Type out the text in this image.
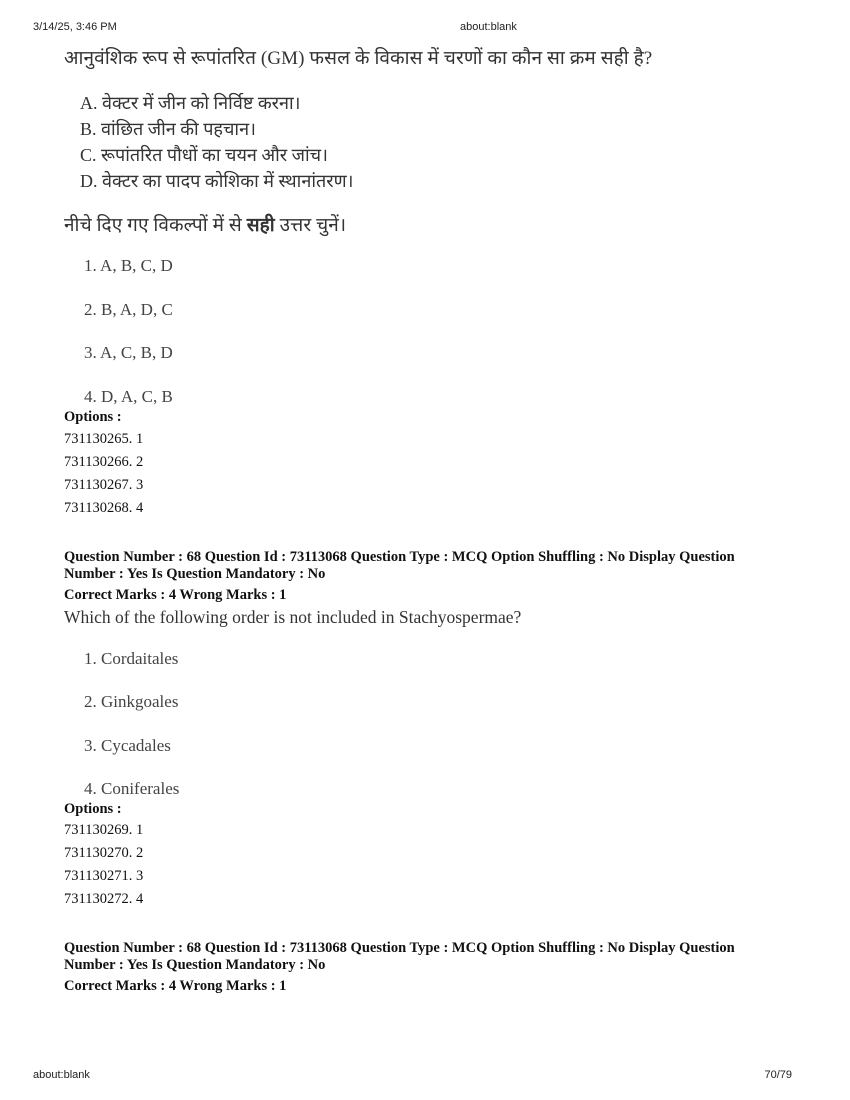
3/14/25, 3:46 PM	about:blank
about:blank	70/79
आनुवंशिक रूप से रूपांतरित (GM) फसल के विकास में चरणों का कौन सा क्रम सही है?
A. वेक्टर में जीन को निर्विष्ट करना।
B. वांछित जीन की पहचान।
C. रूपांतरित पौधों का चयन और जांच।
D. वेक्टर का पादप कोशिका में स्थानांतरण।
नीचे दिए गए विकल्पों में से सही उत्तर चुनें।
1. A, B, C, D
2. B, A, D, C
3. A, C, B, D
4. D, A, C, B
Options :
731130265. 1
731130266. 2
731130267. 3
731130268. 4
Question Number : 68 Question Id : 73113068 Question Type : MCQ Option Shuffling : No Display Question
Number : Yes Is Question Mandatory : No
Correct Marks : 4 Wrong Marks : 1
Which of the following order is not included in Stachyospermae?
1. Cordaitales
2. Ginkgoales
3. Cycadales
4. Coniferales
Options :
731130269. 1
731130270. 2
731130271. 3
731130272. 4
Question Number : 68 Question Id : 73113068 Question Type : MCQ Option Shuffling : No Display Question
Number : Yes Is Question Mandatory : No
Correct Marks : 4 Wrong Marks : 1
